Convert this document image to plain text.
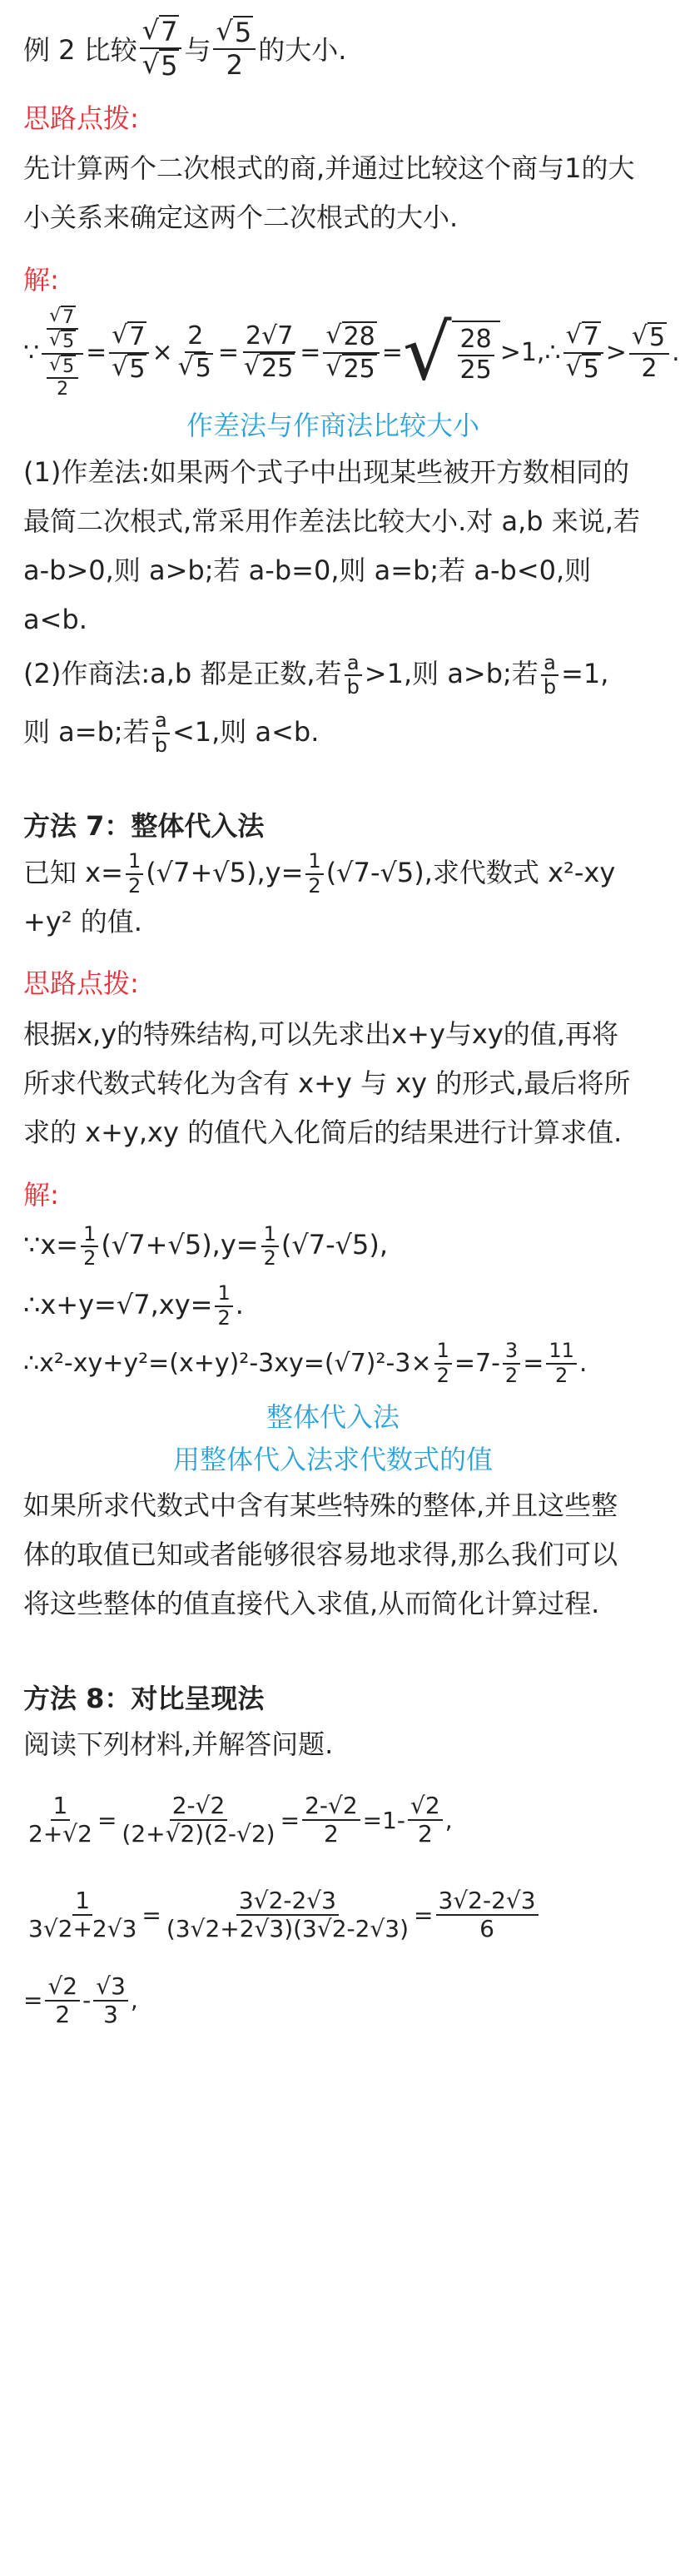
例 2 比较 $\frac{√ 7}{√ 5}$ 与 $\frac{√ 5}{2}$ 的大小.
思路点拨:

先计算两个二次根式的商,并通过比较这个商与1的大小关系来确定这两个二次根式的大小.

解:
∵ $\frac{\frac{√ 7}{√ 5}}{\frac{√ 5}{2}} = \frac{√ 7}{√ 5} \times \frac{2}{√ 5} = \frac{2√7}{√ 25} = \frac{√ 28}{√ 25}$ = √ $\frac{28}{25}$ >1,∴ $\frac{√ 7}{√ 5} > \frac{√ 5}{2}$ .
作差法与作商法比较大小

(1)作差法:如果两个式子中出现某些被开方数相同的最简二次根式,常采用作差法比较大小.对 a,b 来说,若 a-b>0,则 a>b;若 a-b=0,则 a=b;若 a-b<0,则 a<b.

(2)作商法:a,b 都是正数,若 $\frac{a}{b} >1$,则 a>b;若 $\frac{a}{b} =1$,
则 a=b;若 $\frac{a}{b} <1$,则 a<b.
方法 7：整体代入法
已知 $x= \frac{1}{2} (√7+√5),y= \frac{1}{2} (√7-√5)$,求代数式 x²-xy
+y² 的值.
思路点拨:

根据x,y的特殊结构,可以先求出x+y与xy的值,再将所求代数式转化为含有 x+y 与 xy 的形式,最后将所求的 x+y,xy 的值代入化简后的结果进行计算求值.

解:
∵x= $\frac{1}{2} (√7+√5),y= \frac{1}{2} (√7-√5)$,
∴x+y=√7,xy= $\frac{1}{2}$ .
∴x²-xy+y²=(x+y)²-3xy=(√7)²-3× $\frac{1}{2} =7- \frac{3}{2} = \frac{11}{2}$ .
整体代入法
用整体代入法求代数式的值

如果所求代数式中含有某些特殊的整体,并且这些整体的取值已知或者能够很容易地求得,那么我们可以将这些整体的值直接代入求值,从而简化计算过程.

方法 8：对比呈现法
阅读下列材料,并解答问题.
$\frac{1}{2+√2} = \frac{2-√2}{(2+√2)(2-√2)} = \frac{2-√2}{2} =1- \frac{√2}{2}$ ,
$\frac{1}{3√2+2√3} = \frac{3√2-2√3}{(3√2+2√3)(3√2-2√3)} = \frac{3√2-2√3}{6}$
= $\frac{√2}{2} - \frac{√3}{3}$ ,
